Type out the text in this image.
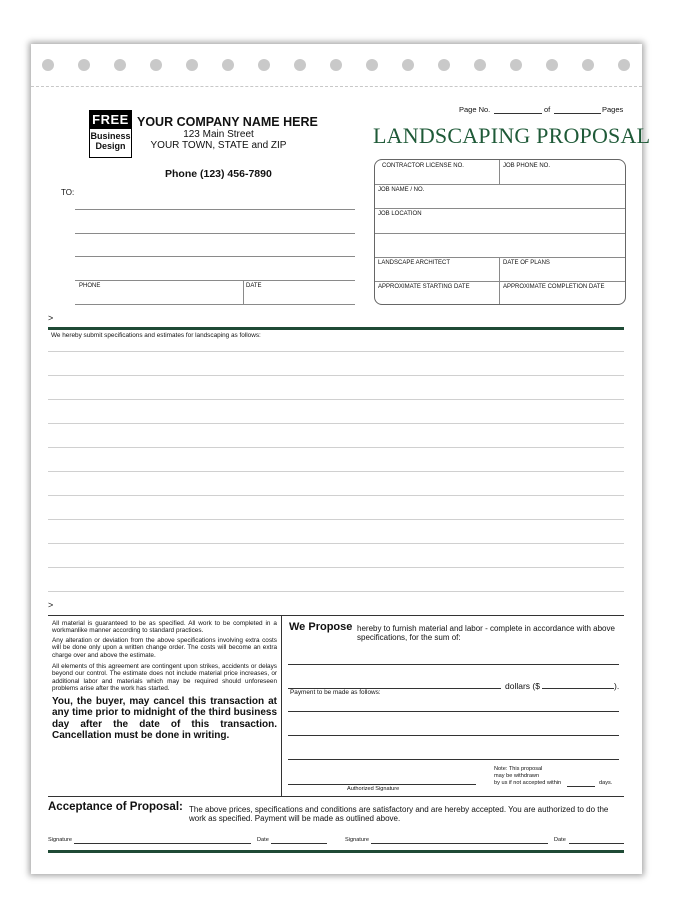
Page No.	of	Pages
LANDSCAPING PROPOSAL
FREE
Business
Design
YOUR COMPANY NAME HERE
123 Main Street
YOUR TOWN, STATE and ZIP
Phone (123) 456-7890
TO:
PHONE	DATE
CONTRACTOR LICENSE NO.	JOB PHONE NO.
JOB NAME / NO.
JOB LOCATION
LANDSCAPE ARCHITECT	DATE OF PLANS
APPROXIMATE STARTING DATE	APPROXIMATE COMPLETION DATE
>
We hereby submit specifications and estimates for landscaping as follows:
>
All material is guaranteed to be as specified. All work to be completed in a workmanlike manner according to standard practices.
Any alteration or deviation from the above specifications involving extra costs will be done only upon a written change order. The costs will become an extra charge over and above the estimate.
All elements of this agreement are contingent upon strikes, accidents or delays beyond our control. The estimate does not include material price increases, or additional labor and materials which may be required should unforeseen problems arise after the work has started.
You, the buyer, may cancel this transaction at any time prior to midnight of the third business day after the date of this transaction. Cancellation must be done in writing.
We Propose hereby to furnish material and labor - complete in accordance with above specifications, for the sum of:
dollars ($	).
Payment to be made as follows:
Note: This proposal
may be withdrawn
by us if not accepted within	days.
Authorized Signature
Acceptance of Proposal: The above prices, specifications and conditions are satisfactory and are hereby accepted. You are authorized to do the work as specified. Payment will be made as outlined above.
Signature	Date	Signature	Date
